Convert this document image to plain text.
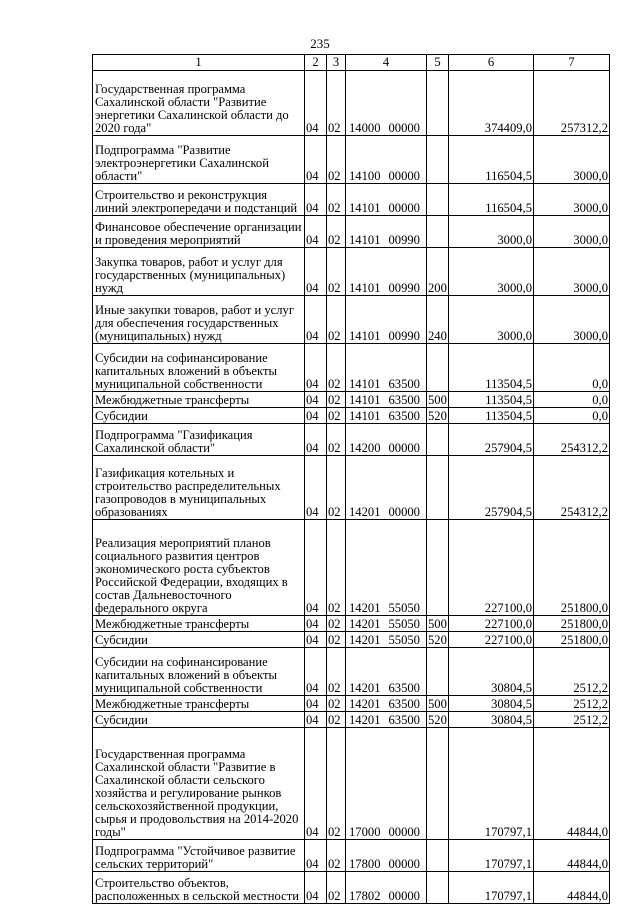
235
1	2	3	4	5	6	7
Государственная программа Сахалинской области "Развитие энергетики Сахалинской области до 2020 года"	04	02	14000 00000		374409,0	257312,2
Подпрограмма "Развитие электроэнергетики Сахалинской области"	04	02	14100 00000		116504,5	3000,0
Строительство и реконструкция линий электропередачи и подстанций	04	02	14101 00000		116504,5	3000,0
Финансовое обеспечение организации и проведения мероприятий	04	02	14101 00990		3000,0	3000,0
Закупка товаров, работ и услуг для государственных (муниципальных) нужд	04	02	14101 00990	200	3000,0	3000,0
Иные закупки товаров, работ и услуг для обеспечения государственных (муниципальных) нужд	04	02	14101 00990	240	3000,0	3000,0
Субсидии на софинансирование капитальных вложений в объекты муниципальной собственности	04	02	14101 63500		113504,5	0,0
Межбюджетные трансферты	04	02	14101 63500	500	113504,5	0,0
Субсидии	04	02	14101 63500	520	113504,5	0,0
Подпрограмма "Газификация Сахалинской области"	04	02	14200 00000		257904,5	254312,2
Газификация котельных и строительство распределительных газопроводов в муниципальных образованиях	04	02	14201 00000		257904,5	254312,2
Реализация мероприятий планов социального развития центров экономического роста субъектов Российской Федерации, входящих в состав Дальневосточного федерального округа	04	02	14201 55050		227100,0	251800,0
Межбюджетные трансферты	04	02	14201 55050	500	227100,0	251800,0
Субсидии	04	02	14201 55050	520	227100,0	251800,0
Субсидии на софинансирование капитальных вложений в объекты муниципальной собственности	04	02	14201 63500		30804,5	2512,2
Межбюджетные трансферты	04	02	14201 63500	500	30804,5	2512,2
Субсидии	04	02	14201 63500	520	30804,5	2512,2
Государственная программа Сахалинской области "Развитие в Сахалинской области сельского хозяйства и регулирование рынков сельскохозяйственной продукции, сырья и продовольствия на 2014-2020 годы"	04	02	17000 00000		170797,1	44844,0
Подпрограмма "Устойчивое развитие сельских территорий"	04	02	17800 00000		170797,1	44844,0
Строительство объектов, расположенных в сельской местности	04	02	17802 00000		170797,1	44844,0
